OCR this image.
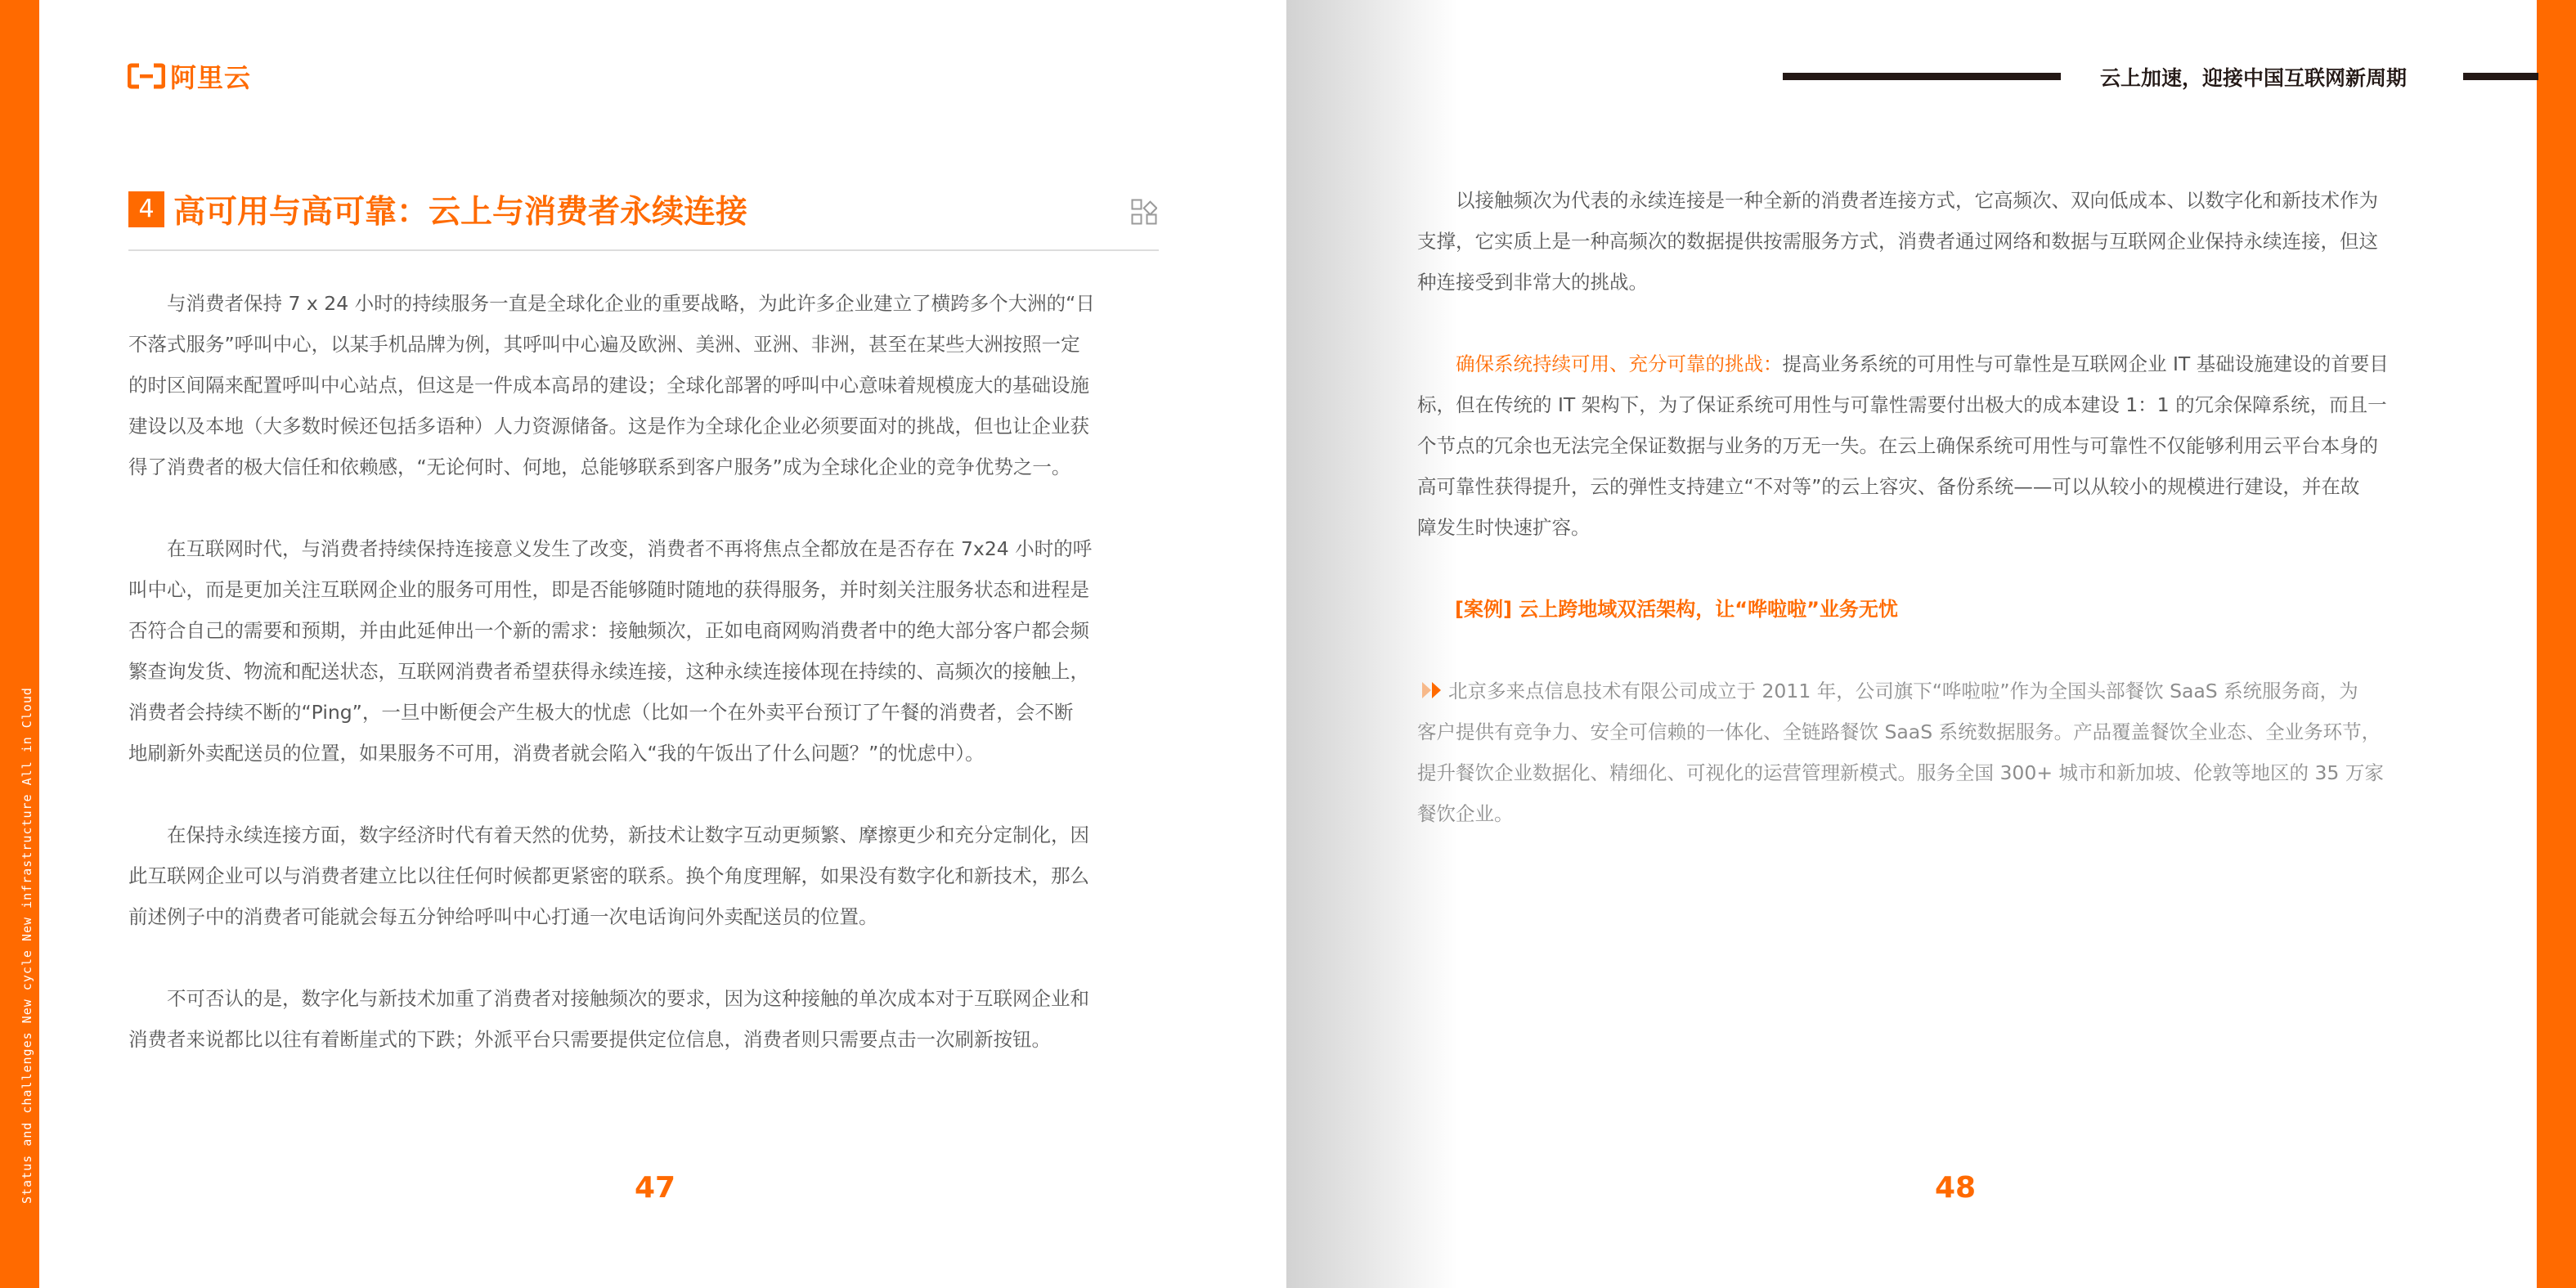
Status and challenges New cycle New infrastructure All in Cloud
阿里云	云上加速，迎接中国互联网新周期
4 高可用与高可靠：云上与消费者永续连接

与消费者保持 7 x 24 小时的持续服务一直是全球化企业的重要战略，为此许多企业建立了横跨多个大洲的“日
不落式服务”呼叫中心，以某手机品牌为例，其呼叫中心遍及欧洲、美洲、亚洲、非洲，甚至在某些大洲按照一定
的时区间隔来配置呼叫中心站点，但这是一件成本高昂的建设；全球化部署的呼叫中心意味着规模庞大的基础设施
建设以及本地（大多数时候还包括多语种）人力资源储备。这是作为全球化企业必须要面对的挑战，但也让企业获
得了消费者的极大信任和依赖感，“无论何时、何地，总能够联系到客户服务”成为全球化企业的竞争优势之一。

在互联网时代，与消费者持续保持连接意义发生了改变，消费者不再将焦点全都放在是否存在 7x24 小时的呼
叫中心，而是更加关注互联网企业的服务可用性，即是否能够随时随地的获得服务，并时刻关注服务状态和进程是
否符合自己的需要和预期，并由此延伸出一个新的需求：接触频次，正如电商网购消费者中的绝大部分客户都会频
繁查询发货、物流和配送状态，互联网消费者希望获得永续连接，这种永续连接体现在持续的、高频次的接触上，
消费者会持续不断的“Ping”，一旦中断便会产生极大的忧虑（比如一个在外卖平台预订了午餐的消费者，会不断
地刷新外卖配送员的位置，如果服务不可用，消费者就会陷入“我的午饭出了什么问题？”的忧虑中）。

在保持永续连接方面，数字经济时代有着天然的优势，新技术让数字互动更频繁、摩擦更少和充分定制化，因
此互联网企业可以与消费者建立比以往任何时候都更紧密的联系。换个角度理解，如果没有数字化和新技术，那么
前述例子中的消费者可能就会每五分钟给呼叫中心打通一次电话询问外卖配送员的位置。

不可否认的是，数字化与新技术加重了消费者对接触频次的要求，因为这种接触的单次成本对于互联网企业和
消费者来说都比以往有着断崖式的下跌；外派平台只需要提供定位信息，消费者则只需要点击一次刷新按钮。

以接触频次为代表的永续连接是一种全新的消费者连接方式，它高频次、双向低成本、以数字化和新技术作为
支撑，它实质上是一种高频次的数据提供按需服务方式，消费者通过网络和数据与互联网企业保持永续连接，但这
种连接受到非常大的挑战。

确保系统持续可用、充分可靠的挑战：提高业务系统的可用性与可靠性是互联网企业 IT 基础设施建设的首要目
标，但在传统的 IT 架构下，为了保证系统可用性与可靠性需要付出极大的成本建设 1：1 的冗余保障系统，而且一
个节点的冗余也无法完全保证数据与业务的万无一失。在云上确保系统可用性与可靠性不仅能够利用云平台本身的
高可靠性获得提升，云的弹性支持建立“不对等”的云上容灾、备份系统——可以从较小的规模进行建设，并在故
障发生时快速扩容。

[案例] 云上跨地域双活架构，让“哗啦啦”业务无忧

北京多来点信息技术有限公司成立于 2011 年，公司旗下“哗啦啦”作为全国头部餐饮 SaaS 系统服务商，为
客户提供有竞争力、安全可信赖的一体化、全链路餐饮 SaaS 系统数据服务。产品覆盖餐饮全业态、全业务环节，
提升餐饮企业数据化、精细化、可视化的运营管理新模式。服务全国 300+ 城市和新加坡、伦敦等地区的 35 万家
餐饮企业。

47	48
